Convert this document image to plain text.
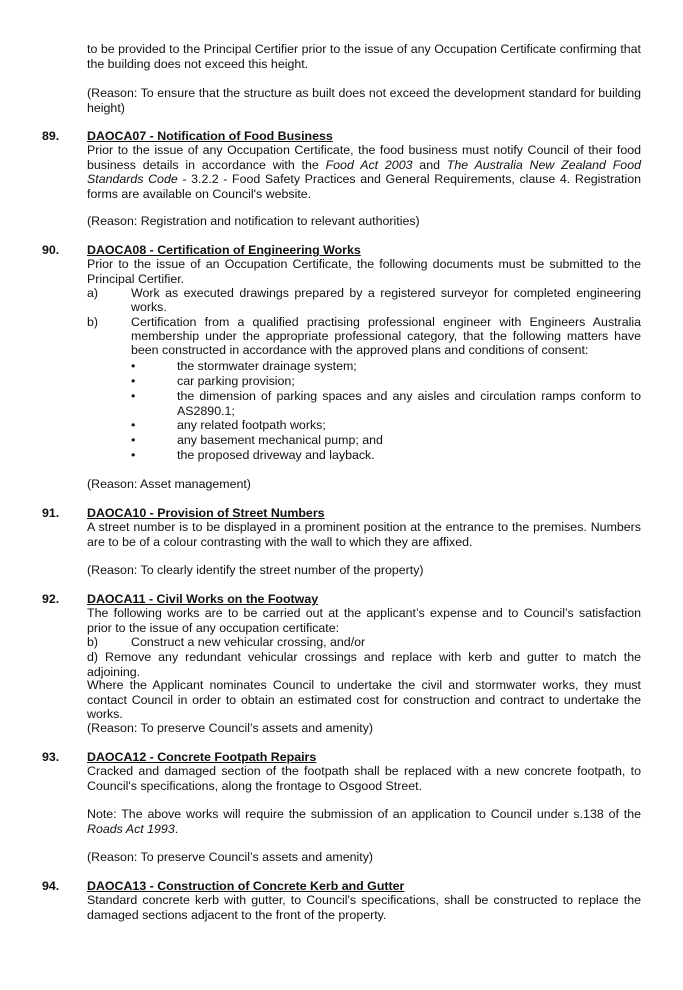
to be provided to the Principal Certifier prior to the issue of any Occupation Certificate confirming that the building does not exceed this height.

(Reason: To ensure that the structure as built does not exceed the development standard for building height)

89. DAOCA07 - Notification of Food Business

Prior to the issue of any Occupation Certificate, the food business must notify Council of their food business details in accordance with the Food Act 2003 and The Australia New Zealand Food Standards Code - 3.2.2 - Food Safety Practices and General Requirements, clause 4. Registration forms are available on Council's website.

(Reason: Registration and notification to relevant authorities)

90. DAOCA08 - Certification of Engineering Works

Prior to the issue of an Occupation Certificate, the following documents must be submitted to the Principal Certifier.

a)	Work as executed drawings prepared by a registered surveyor for completed engineering works.

b)	Certification from a qualified practising professional engineer with Engineers Australia membership under the appropriate professional category, that the following matters have been constructed in accordance with the approved plans and conditions of consent:

•	the stormwater drainage system;
•	car parking provision;
•	the dimension of parking spaces and any aisles and circulation ramps conform to AS2890.1;
•	any related footpath works;
•	any basement mechanical pump; and
•	the proposed driveway and layback.

(Reason: Asset management)

91. DAOCA10 - Provision of Street Numbers

A street number is to be displayed in a prominent position at the entrance to the premises. Numbers are to be of a colour contrasting with the wall to which they are affixed.

(Reason: To clearly identify the street number of the property)

92. DAOCA11 - Civil Works on the Footway

The following works are to be carried out at the applicant’s expense and to Council’s satisfaction prior to the issue of any occupation certificate:

b)	Construct a new vehicular crossing, and/or

d) Remove any redundant vehicular crossings and replace with kerb and gutter to match the adjoining.

Where the Applicant nominates Council to undertake the civil and stormwater works, they must contact Council in order to obtain an estimated cost for construction and contract to undertake the works.

(Reason: To preserve Council’s assets and amenity)

93. DAOCA12 - Concrete Footpath Repairs

Cracked and damaged section of the footpath shall be replaced with a new concrete footpath, to Council's specifications, along the frontage to Osgood Street.

Note: The above works will require the submission of an application to Council under s.138 of the Roads Act 1993.

(Reason: To preserve Council’s assets and amenity)

94. DAOCA13 - Construction of Concrete Kerb and Gutter

Standard concrete kerb with gutter, to Council's specifications, shall be constructed to replace the damaged sections adjacent to the front of the property.
